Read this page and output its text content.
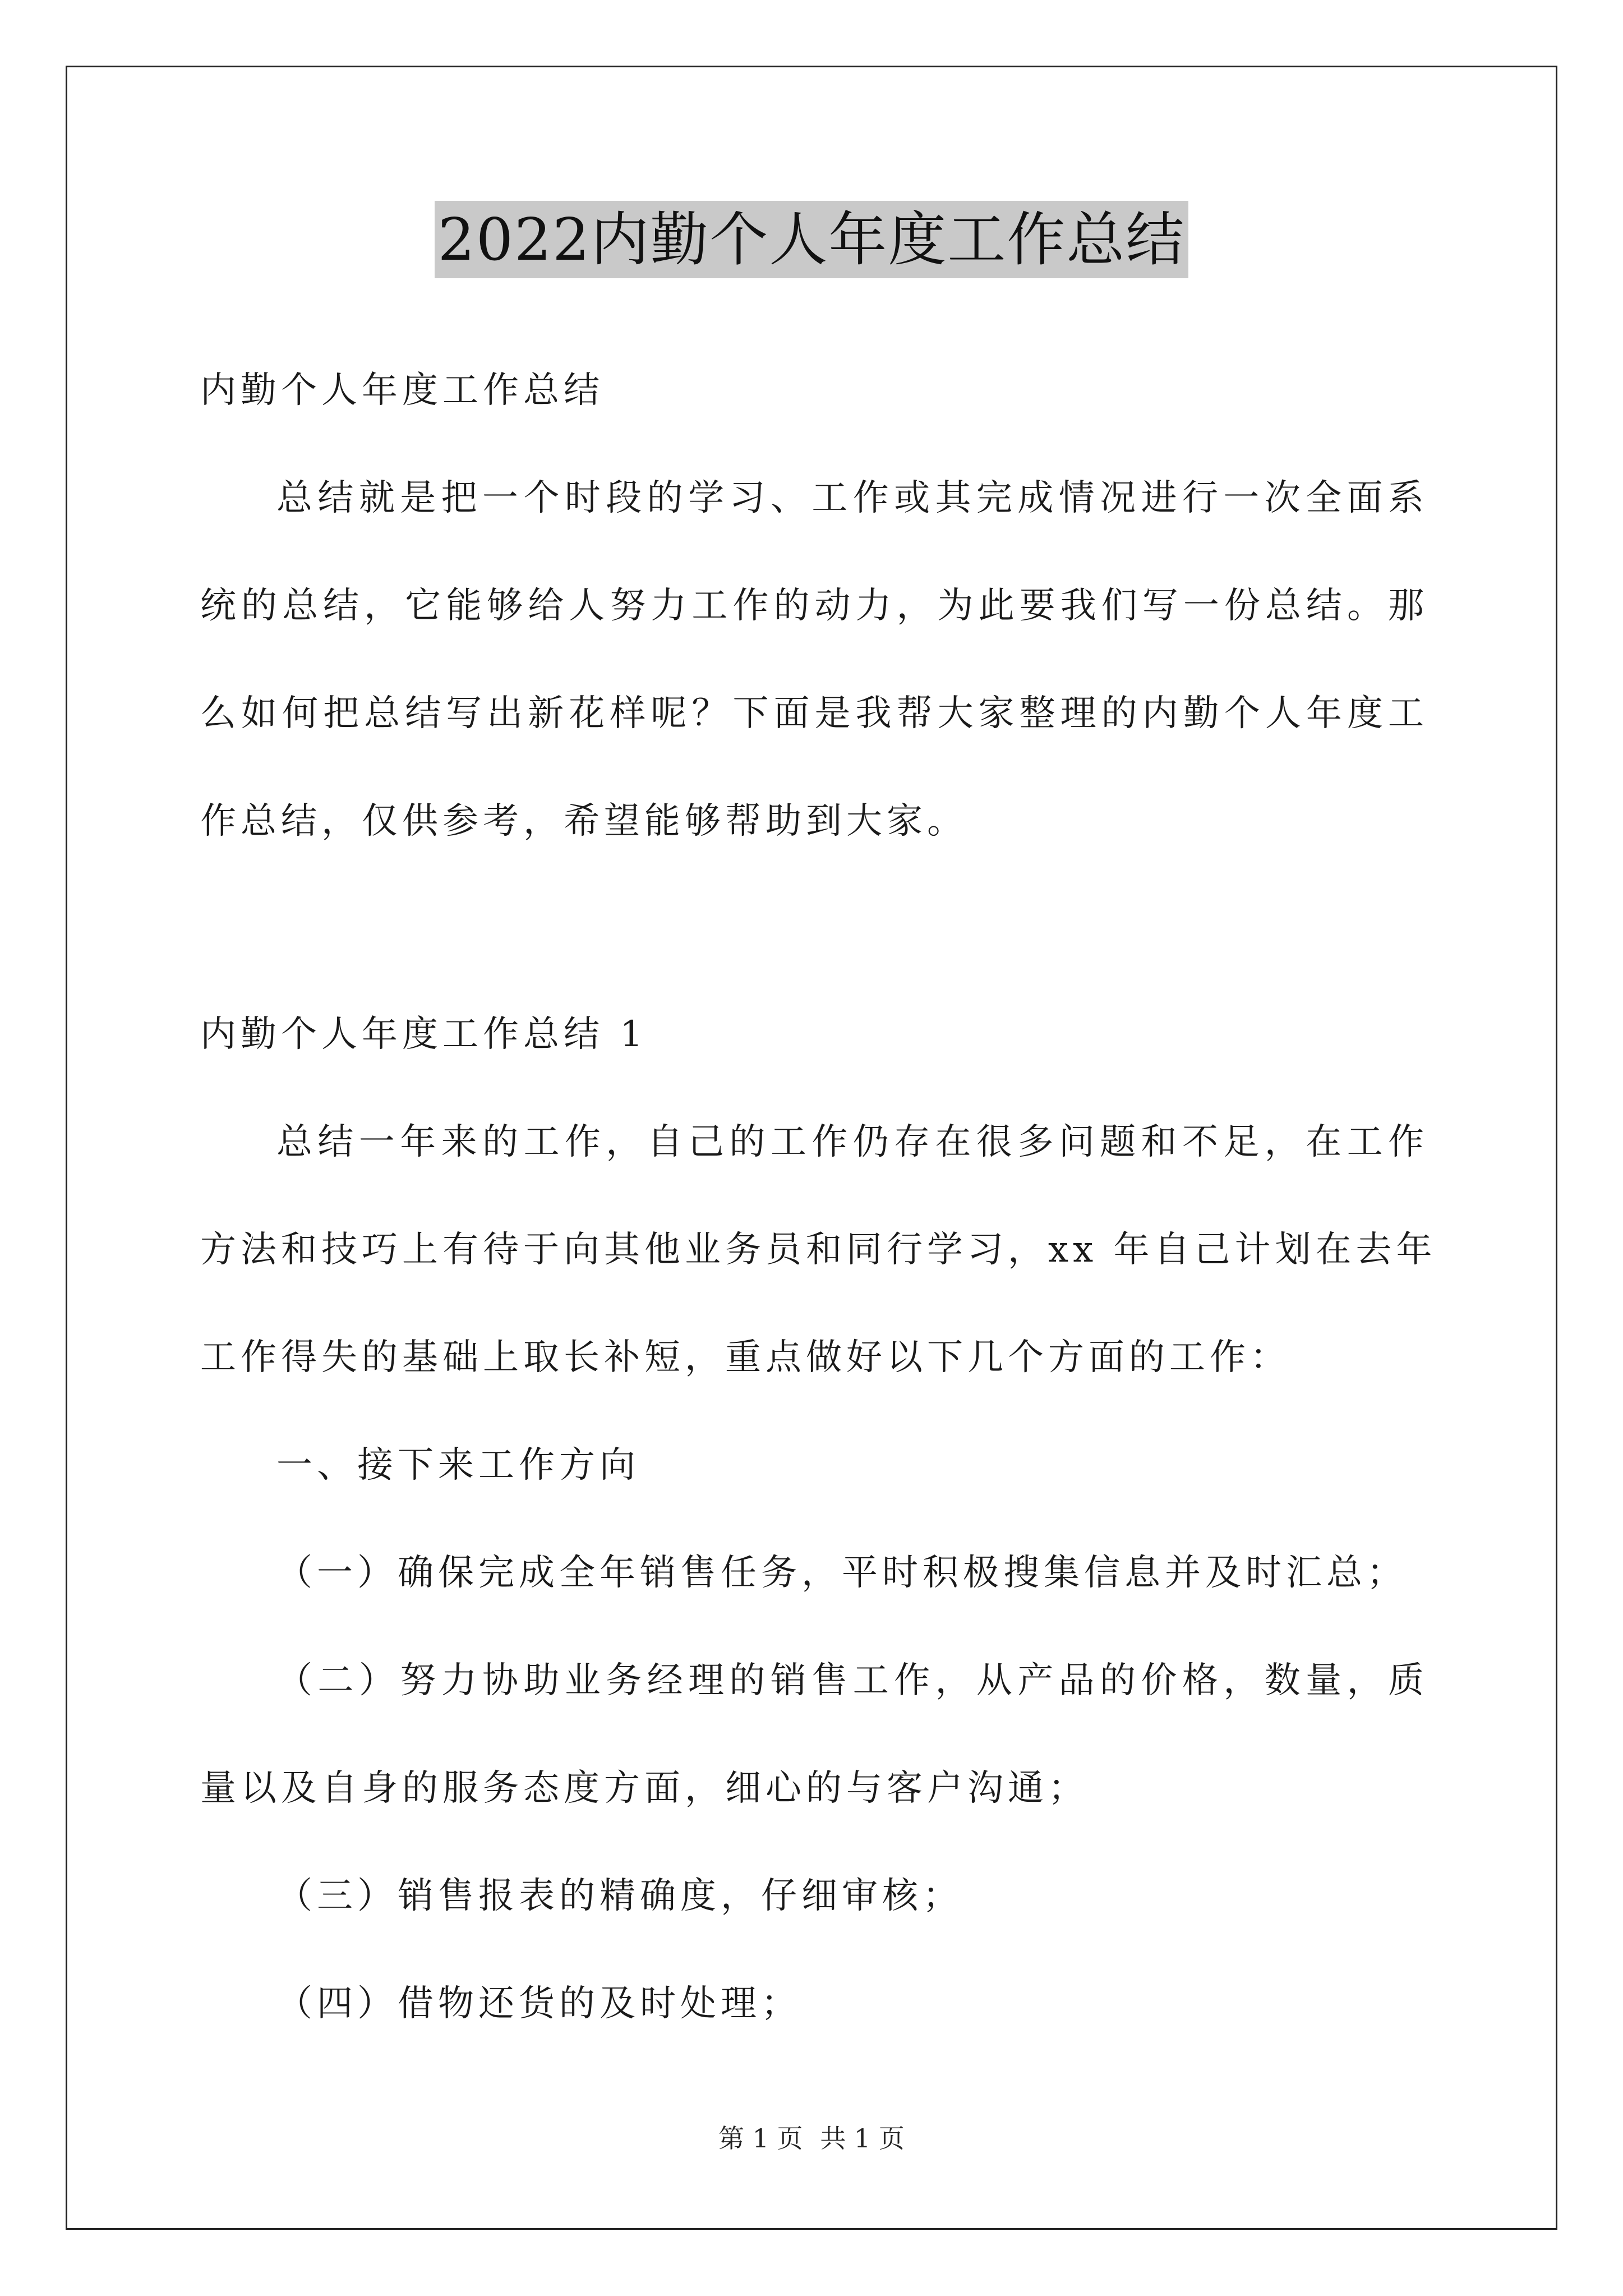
2022内勤个人年度工作总结
内勤个人年度工作总结
总结就是把一个时段的学习、工作或其完成情况进行一次全面系
统的总结，它能够给人努力工作的动力，为此要我们写一份总结。那
么如何把总结写出新花样呢？下面是我帮大家整理的内勤个人年度工
作总结，仅供参考，希望能够帮助到大家。
内勤个人年度工作总结 1
总结一年来的工作，自己的工作仍存在很多问题和不足，在工作
方法和技巧上有待于向其他业务员和同行学习，xx 年自己计划在去年
工作得失的基础上取长补短，重点做好以下几个方面的工作：
一、接下来工作方向
（一）确保完成全年销售任务，平时积极搜集信息并及时汇总；
（二）努力协助业务经理的销售工作，从产品的价格，数量，质
量以及自身的服务态度方面，细心的与客户沟通；
（三）销售报表的精确度，仔细审核；
（四）借物还货的及时处理；
第 1 页 共 1 页
